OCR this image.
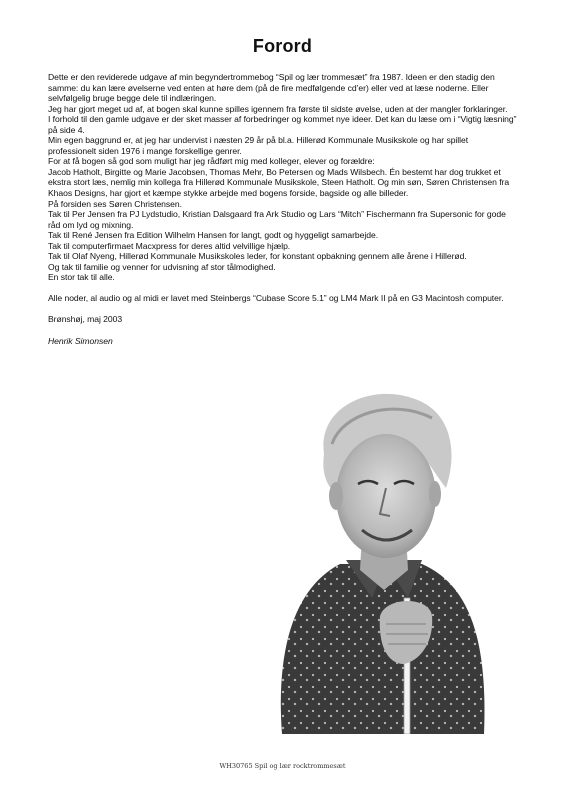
Forord

Dette er den reviderede udgave af min begyndertrommebog “Spil og lær trommesæt” fra 1987. Ideen er den stadig den samme: du kan lære øvelserne ved enten at høre dem (på de fire medfølgende cd’er) eller ved at læse noderne. Eller selvfølgelig bruge begge dele til indlæringen.

Jeg har gjort meget ud af, at bogen skal kunne spilles igennem fra første til sidste øvelse, uden at der mangler forklaringer.

I forhold til den gamle udgave er der sket masser af forbedringer og kommet nye ideer. Det kan du læse om i “Vigtig læsning” på side 4.

Min egen baggrund er, at jeg har undervist i næsten 29 år på bl.a. Hillerød Kommunale Musikskole og har spillet professionelt siden 1976 i mange forskellige genrer.

For at få bogen så god som muligt har jeg rådført mig med kolleger, elever og forældre:

Jacob Hatholt, Birgitte og Marie Jacobsen, Thomas Mehr, Bo Petersen og Mads Wilsbech. Én bestemt har dog trukket et ekstra stort læs, nemlig min kollega fra Hillerød Kommunale Musikskole, Steen Hatholt. Og min søn, Søren Christensen fra Khaos Designs, har gjort et kæmpe stykke arbejde med bogens forside, bagside og alle billeder.

På forsiden ses Søren Christensen.

Tak til Per Jensen fra PJ Lydstudio, Kristian Dalsgaard fra Ark Studio og Lars “Mitch” Fischermann fra Supersonic for gode råd om lyd og mixning.

Tak til René Jensen fra Edition Wilhelm Hansen for langt, godt og hyggeligt samarbejde.

Tak til computerfirmaet Macxpress for deres altid velvillige hjælp.

Tak til Olaf Nyeng, Hillerød Kommunale Musikskoles leder, for konstant opbakning gennem alle årene i Hillerød.

Og tak til familie og venner for udvisning af stor tålmodighed.

En stor tak til alle.

Alle noder, al audio og al midi er lavet med Steinbergs “Cubase Score 5.1” og LM4 Mark II på en G3 Macintosh computer.

Brønshøj, maj 2003

Henrik Simonsen

WH30765 Spil og lær rocktrommesæt
